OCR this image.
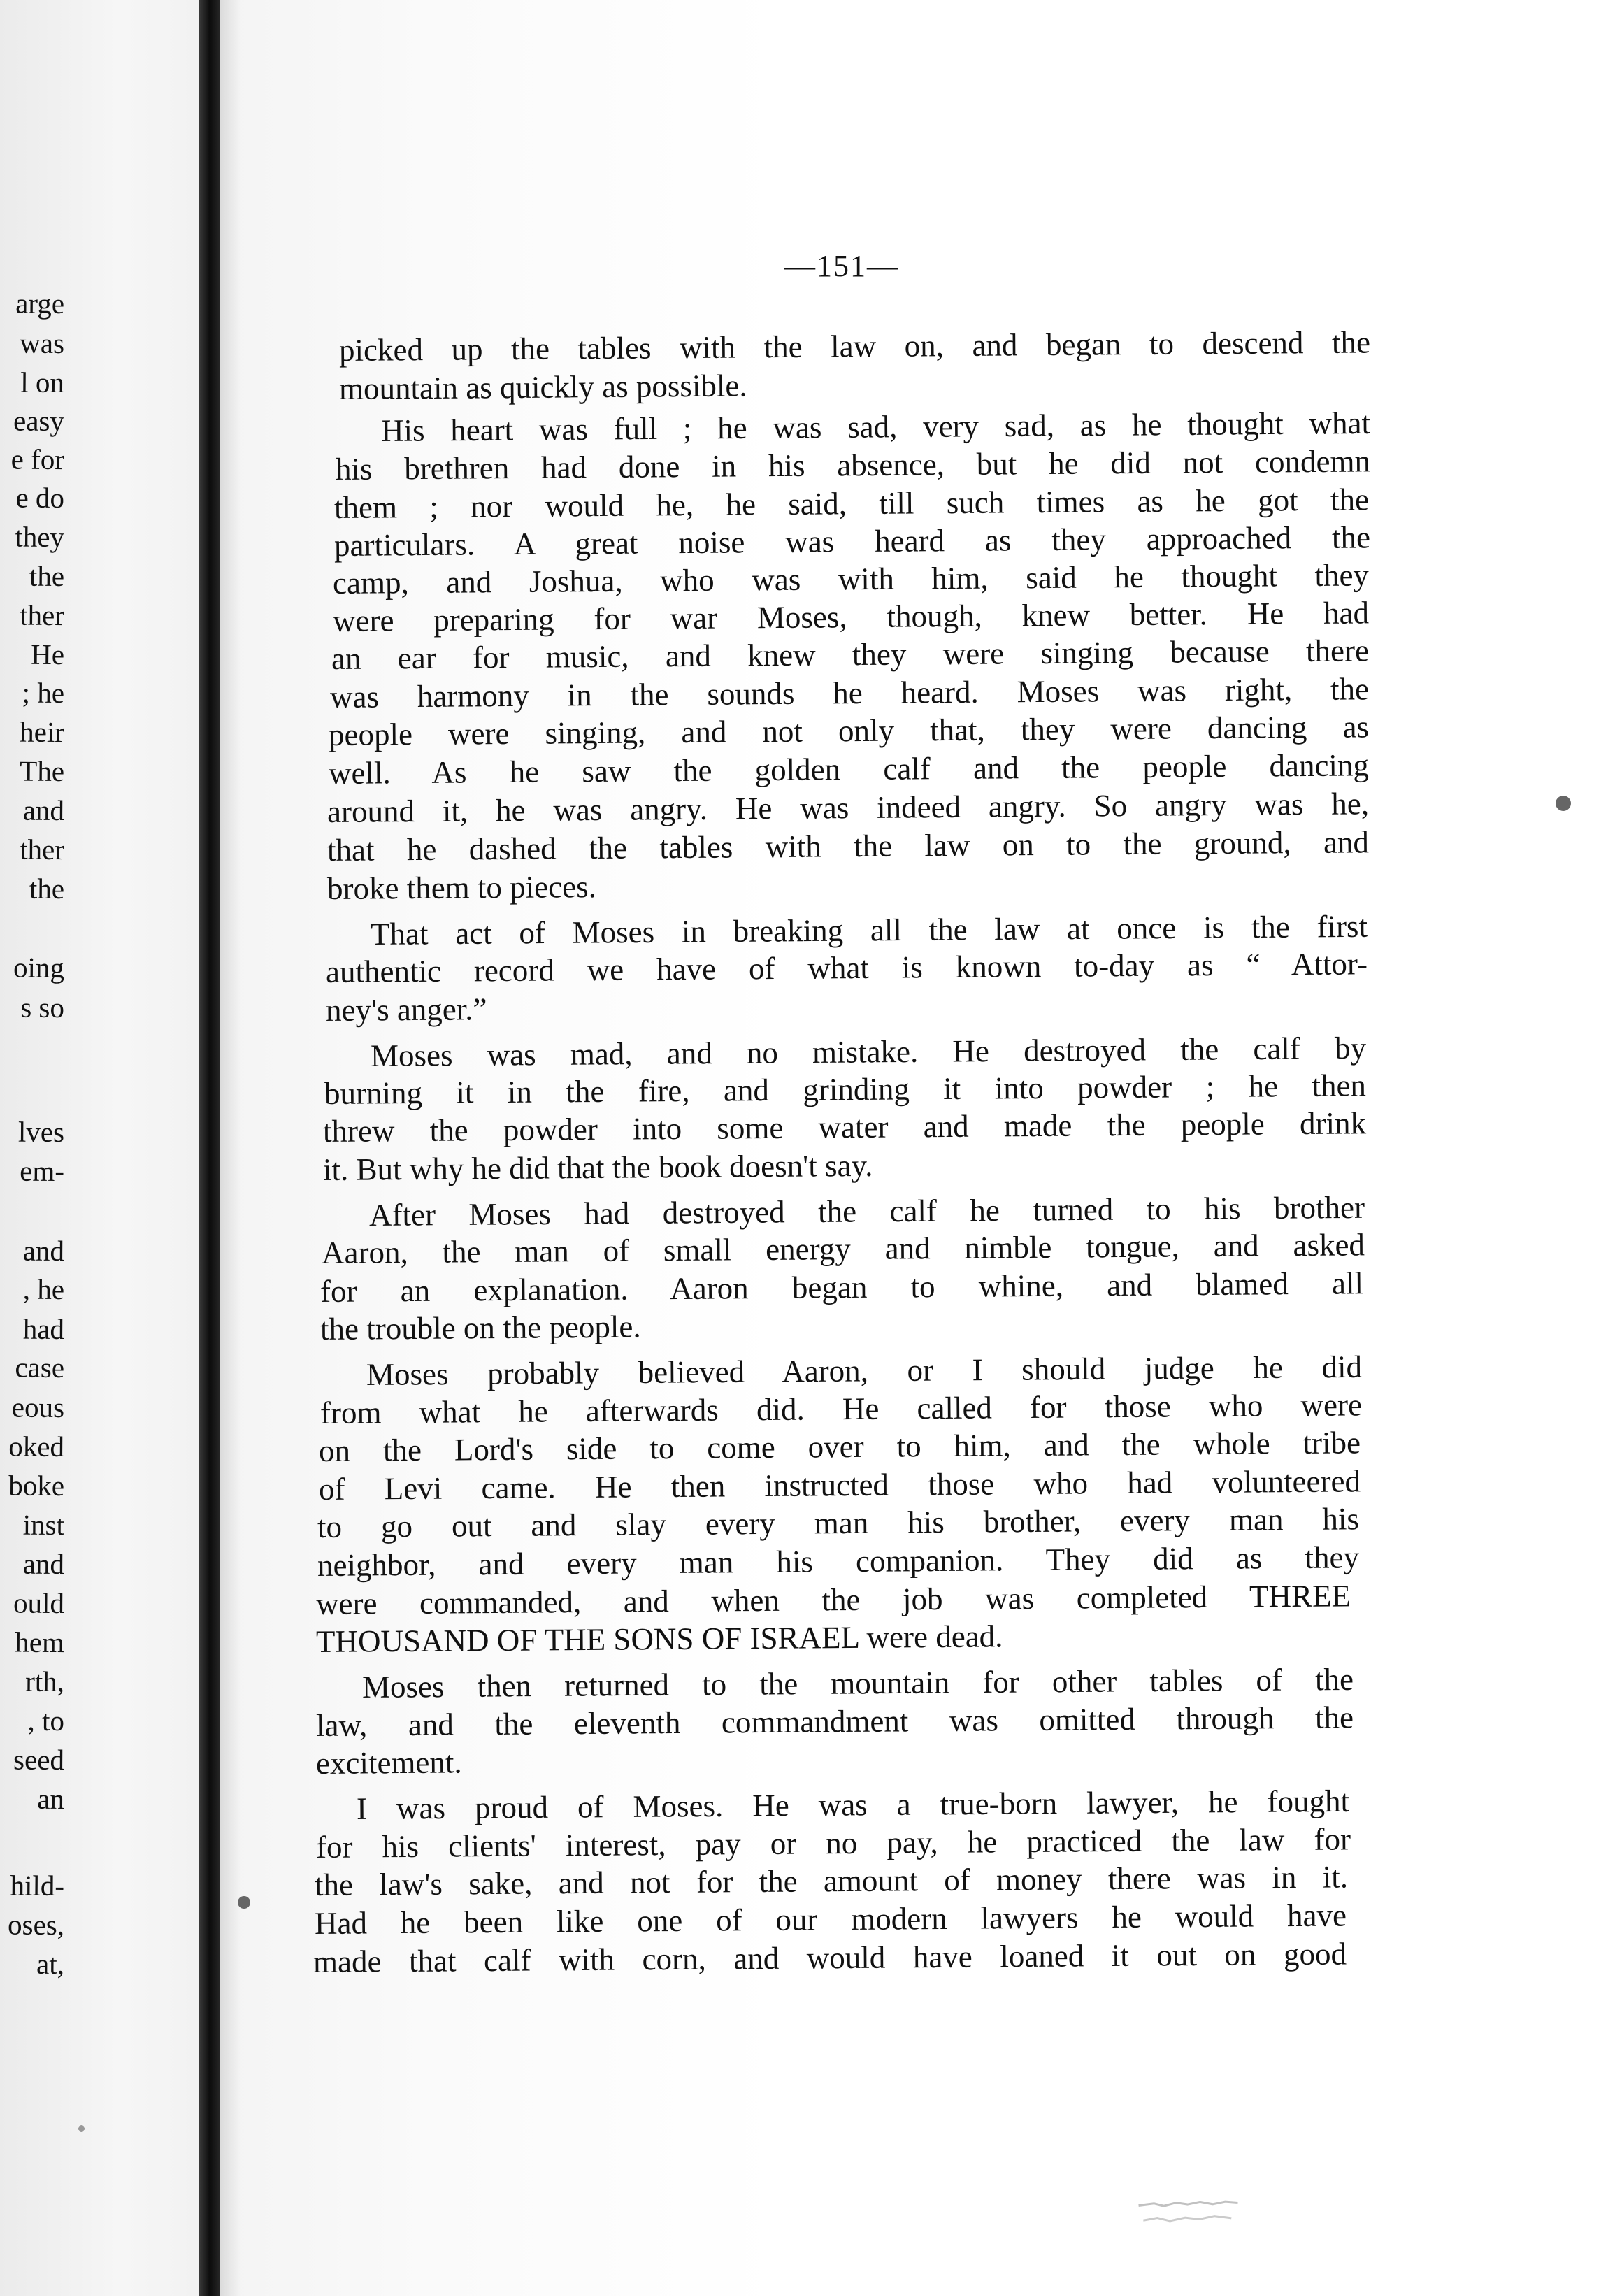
—151—
arge
was
l on
easy
e for
e do
they
the
ther
He
; he
heir
The
and
ther
the
oing
s so
lves
em-
and
, he
had
case
eous
oked
boke
inst
and
ould
hem
rth,
, to
seed
an
hild-
oses,
at,
picked up the tables with the law on, and began to descend the
mountain as quickly as possible.
His heart was full ; he was sad, very sad, as he thought what
his brethren had done in his absence, but he did not condemn
them ; nor would he, he said, till such times as he got the
particulars. A great noise was heard as they approached the
camp, and Joshua, who was with him, said he thought they
were preparing for war Moses, though, knew better. He had
an ear for music, and knew they were singing because there
was harmony in the sounds he heard. Moses was right, the
people were singing, and not only that, they were dancing as
well. As he saw the golden calf and the people dancing
around it, he was angry. He was indeed angry. So angry was he,
that he dashed the tables with the law on to the ground, and
broke them to pieces.
That act of Moses in breaking all the law at once is the first
authentic record we have of what is known to-day as “ Attor-
ney's anger.”
Moses was mad, and no mistake. He destroyed the calf by
burning it in the fire, and grinding it into powder ; he then
threw the powder into some water and made the people drink
it. But why he did that the book doesn't say.
After Moses had destroyed the calf he turned to his brother
Aaron, the man of small energy and nimble tongue, and asked
for an explanation. Aaron began to whine, and blamed all
the trouble on the people.
Moses probably believed Aaron, or I should judge he did
from what he afterwards did. He called for those who were
on the Lord's side to come over to him, and the whole tribe
of Levi came. He then instructed those who had volunteered
to go out and slay every man his brother, every man his
neighbor, and every man his companion. They did as they
were commanded, and when the job was completed THREE
THOUSAND OF THE SONS OF ISRAEL were dead.
Moses then returned to the mountain for other tables of the
law, and the eleventh commandment was omitted through the
excitement.
I was proud of Moses. He was a true-born lawyer, he fought
for his clients' interest, pay or no pay, he practiced the law for
the law's sake, and not for the amount of money there was in it.
Had he been like one of our modern lawyers he would have
made that calf with corn, and would have loaned it out on good
